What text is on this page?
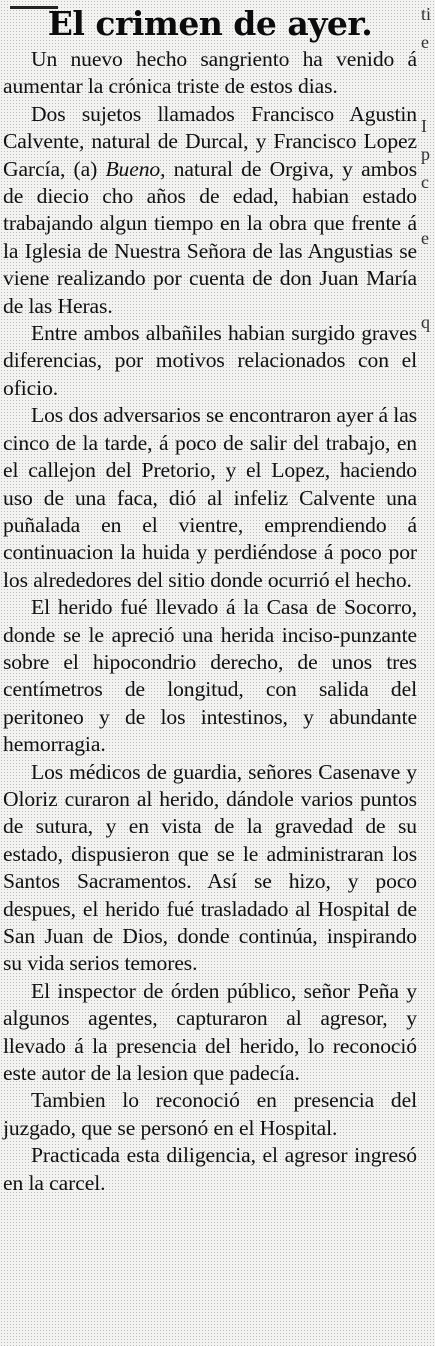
El crimen de ayer.

Un nuevo hecho sangriento ha venido á aumentar la crónica triste de estos dias.

Dos sujetos llamados Francisco Agustin Calvente, natural de Durcal, y Francisco Lopez García, (a) Bueno, natural de Orgiva, y ambos de diecio cho años de edad, habian estado trabajando algun tiempo en la obra que frente á la Iglesia de Nuestra Señora de las Angustias se viene realizando por cuenta de don Juan María de las Heras.

Entre ambos albañiles habian surgido graves diferencias, por motivos relacionados con el oficio.

Los dos adversarios se encontraron ayer á las cinco de la tarde, á poco de salir del trabajo, en el callejon del Pretorio, y el Lopez, haciendo uso de una faca, dió al infeliz Calvente una puñalada en el vientre, emprendiendo á continuacion la huida y perdiéndose á poco por los alrededores del sitio donde ocurrió el hecho.

El herido fué llevado á la Casa de Socorro, donde se le apreció una herida inciso-punzante sobre el hipocondrio derecho, de unos tres centímetros de longitud, con salida del peritoneo y de los intestinos, y abundante hemorragia.

Los médicos de guardia, señores Casenave y Oloriz curaron al herido, dándole varios puntos de sutura, y en vista de la gravedad de su estado, dispusieron que se le administraran los Santos Sacramentos. Así se hizo, y poco despues, el herido fué trasladado al Hospital de San Juan de Dios, donde continúa, inspirando su vida serios temores.

El inspector de órden público, señor Peña y algunos agentes, capturaron al agresor, y llevado á la presencia del herido, lo reconoció este autor de la lesion que padecía.

Tambien lo reconoció en presencia del juzgado, que se personó en el Hospital.

Practicada esta diligencia, el agresor ingresó en la carcel.

ti
e
I
p
c
e
q
